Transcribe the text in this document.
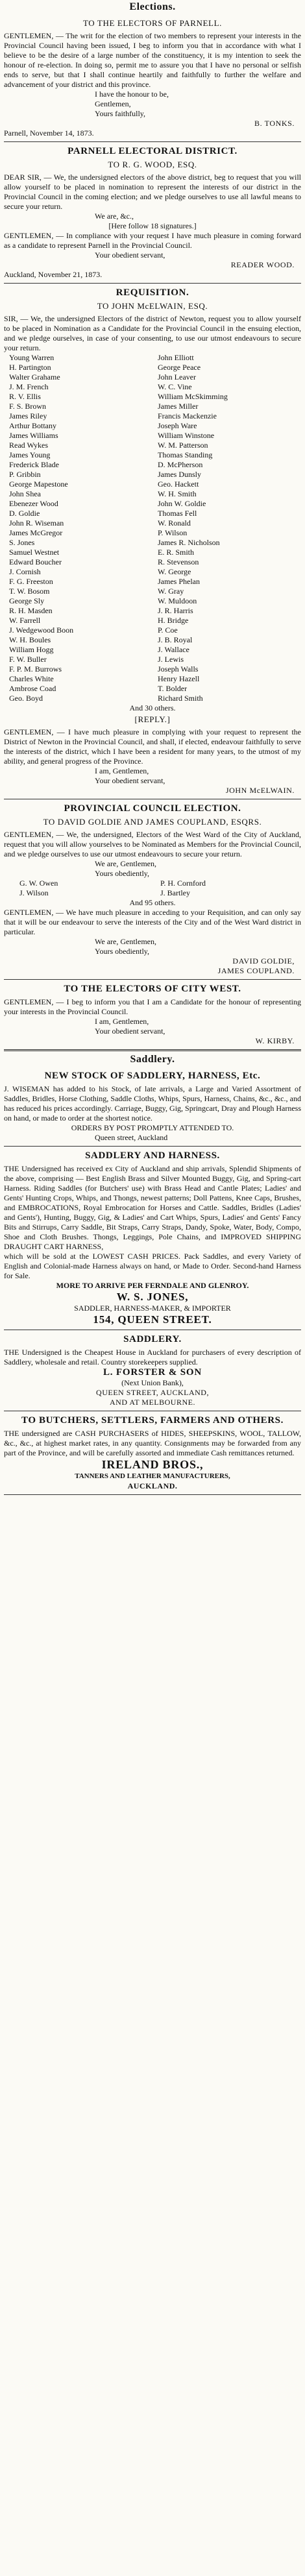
Elections.
TO THE ELECTORS OF PARNELL.

GENTLEMEN, — The writ for the election of two members to represent your interests in the Provincial Council having been issued, I beg to inform you that in accordance with what I believe to be the desire of a large number of the constituency, it is my intention to seek the honour of re-election. In doing so, permit me to assure you that I have no personal or selfish ends to serve, but that I shall continue heartily and faithfully to further the welfare and advancement of your district and this province.

I have the honour to be,

Gentlemen,

Yours faithfully,

B. TONKS.

Parnell, November 14, 1873.

PARNELL ELECTORAL DISTRICT.
TO R. G. WOOD, ESQ.

DEAR SIR, — We, the undersigned electors of the above district, beg to request that you will allow yourself to be placed in nomination to represent the interests of our district in the Provincial Council in the coming election; and we pledge ourselves to use all lawful means to secure your return.

We are, &c.,

[Here follow 18 signatures.]

GENTLEMEN, — In compliance with your request I have much pleasure in coming forward as a candidate to represent Parnell in the Provincial Council.

Your obedient servant,

READER WOOD.

Auckland, November 21, 1873.

REQUISITION.
TO JOHN McELWAIN, ESQ.

SIR, — We, the undersigned Electors of the district of Newton, request you to allow yourself to be placed in Nomination as a Candidate for the Provincial Council in the ensuing election, and we pledge ourselves, in case of your consenting, to use our utmost endeavours to secure your return.

Young Warren
H. Partington
Walter Grahame
J. M. French
R. V. Ellis
F. S. Brown
James Riley
Arthur Bottany
James Williams
Read Wykes
James Young
Frederick Blade
P. Gribbin
George Mapestone
John Shea
Ebenezer Wood
D. Goldie
John R. Wiseman
James McGregor
S. Jones
Samuel Westnet
Edward Boucher
J. Cornish
F. G. Freeston
T. W. Bosom
George Sly
R. H. Masden
W. Farrell
J. Wedgewood Boon
W. H. Boules
William Hogg
F. W. Buller
F. P. M. Burrows
Charles White
Ambrose Coad
Geo. Boyd
John Elliott
George Peace
John Leaver
W. C. Vine
William McSkimming
James Miller
Francis Mackenzie
Joseph Ware
William Winstone
W. M. Patterson
Thomas Standing
D. McPherson
James Dunsly
Geo. Hackett
W. H. Smith
John W. Goldie
Thomas Fell
W. Ronald
P. Wilson
James R. Nicholson
E. R. Smith
R. Stevenson
W. George
James Phelan
W. Gray
W. Muldoon
J. R. Harris
H. Bridge
P. Coe
J. B. Royal
J. Wallace
J. Lewis
Joseph Walls
Henry Hazell
T. Bolder
Richard Smith

And 30 others.

[REPLY.]

GENTLEMEN, — I have much pleasure in complying with your request to represent the District of Newton in the Provincial Council, and shall, if elected, endeavour faithfully to serve the interests of the district, which I have been a resident for many years, to the utmost of my ability, and general progress of the Province.

I am, Gentlemen,

Your obedient servant,

JOHN McELWAIN.
PROVINCIAL COUNCIL ELECTION.
TO DAVID GOLDIE AND JAMES COUPLAND, ESQRS.

GENTLEMEN, — We, the undersigned, Electors of the West Ward of the City of Auckland, request that you will allow yourselves to be Nominated as Members for the Provincial Council, and we pledge ourselves to use our utmost endeavours to secure your return.

We are, Gentlemen,

Yours obediently,

G. W. Owen
J. Wilson
P. H. Cornford
J. Bartley

And 95 others.

GENTLEMEN, — We have much pleasure in acceding to your Requisition, and can only say that it will be our endeavour to serve the interests of the City and of the West Ward district in particular.

We are, Gentlemen,

Yours obediently,

DAVID GOLDIE,
JAMES COUPLAND.
TO THE ELECTORS OF CITY WEST.

GENTLEMEN, — I beg to inform you that I am a Candidate for the honour of representing your interests in the Provincial Council.

I am, Gentlemen,

Your obedient servant,

W. KIRBY.
Saddlery.
NEW STOCK OF SADDLERY, HARNESS, Etc.

J. WISEMAN has added to his Stock, of late arrivals, a Large and Varied Assortment of Saddles, Bridles, Horse Clothing, Saddle Cloths, Whips, Spurs, Harness, Chains, &c., &c., and has reduced his prices accordingly. Carriage, Buggy, Gig, Springcart, Dray and Plough Harness on hand, or made to order at the shortest notice.

ORDERS BY POST PROMPTLY ATTENDED TO.

Queen street, Auckland

SADDLERY AND HARNESS.

THE Undersigned has received ex City of Auckland and ship arrivals, Splendid Shipments of the above, comprising — Best English Brass and Silver Mounted Buggy, Gig, and Spring-cart Harness. Riding Saddles (for Butchers' use) with Brass Head and Cantle Plates; Ladies' and Gents' Hunting Crops, Whips, and Thongs, newest patterns; Doll Pattens, Knee Caps, Brushes, and EMBROCATIONS, Royal Embrocation for Horses and Cattle. Saddles, Bridles (Ladies' and Gents'), Hunting, Buggy, Gig, & Ladies' and Cart Whips, Spurs, Ladies' and Gents' Fancy Bits and Stirrups, Carry Saddle, Bit Straps, Carry Straps, Dandy, Spoke, Water, Body, Compo, Shoe and Cloth Brushes. Thongs, Leggings, Pole Chains, and IMPROVED SHIPPING DRAUGHT CART HARNESS,

which will be sold at the LOWEST CASH PRICES. Pack Saddles, and every Variety of English and Colonial-made Harness always on hand, or Made to Order. Second-hand Harness for Sale.

MORE TO ARRIVE PER FERNDALE AND GLENROY.

W. S. JONES,

SADDLER, HARNESS-MAKER, & IMPORTER

154, QUEEN STREET.
SADDLERY.

THE Undersigned is the Cheapest House in Auckland for purchasers of every description of Saddlery, wholesale and retail. Country storekeepers supplied.

L. FORSTER & SON

(Next Union Bank),

QUEEN STREET, AUCKLAND,

AND AT MELBOURNE.

TO BUTCHERS, SETTLERS, FARMERS AND OTHERS.

THE undersigned are CASH PURCHASERS of HIDES, SHEEPSKINS, WOOL, TALLOW, &c., &c., at highest market rates, in any quantity. Consignments may be forwarded from any part of the Province, and will be carefully assorted and immediate Cash remittances returned.

IRELAND BROS.,

TANNERS AND LEATHER MANUFACTURERS,

AUCKLAND.
